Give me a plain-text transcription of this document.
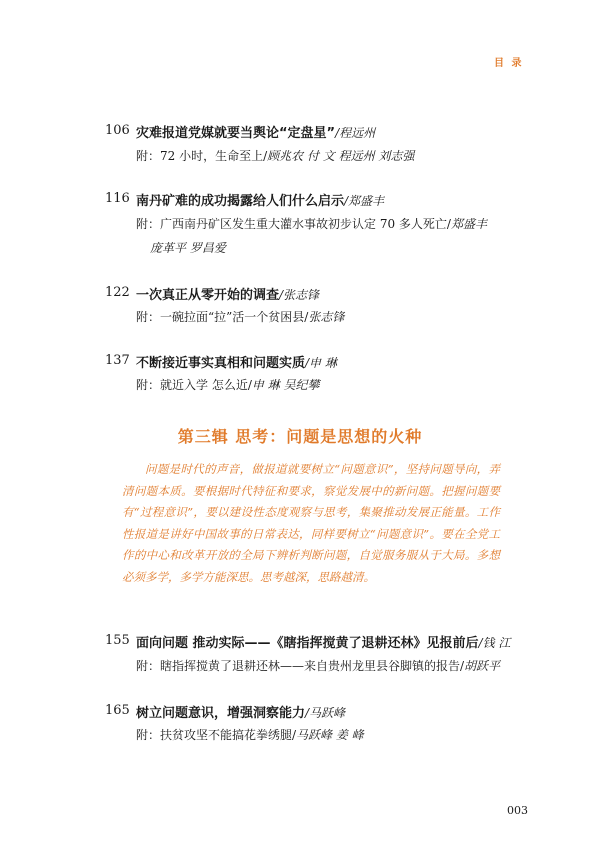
目 录
106 灾难报道党媒就要当舆论“定盘星”/程远州
附：72 小时，生命至上/顾兆农 付 文 程远州 刘志强
116 南丹矿难的成功揭露给人们什么启示/郑盛丰
附：广西南丹矿区发生重大灌水事故初步认定 70 多人死亡/郑盛丰
庞革平 罗昌爱
122 一次真正从零开始的调查/张志锋
附：一碗拉面“拉”活一个贫困县/张志锋
137 不断接近事实真相和问题实质/申 琳
附：就近入学 怎么近/申 琳 吴纪攀
第三辑 思考：问题是思想的火种
问题是时代的声音，做报道就要树立“问题意识”，坚持问题导向，弄清问题本质。要根据时代特征和要求，察觉发展中的新问题。把握问题要有“过程意识”，要以建设性态度观察与思考，集聚推动发展正能量。工作性报道是讲好中国故事的日常表达，同样要树立“问题意识”。要在全党工作的中心和改革开放的全局下辨析判断问题，自觉服务服从于大局。多想必须多学，多学方能深思。思考越深，思路越清。
155 面向问题 推动实际——《瞎指挥搅黄了退耕还林》见报前后/钱 江
附：瞎指挥搅黄了退耕还林——来自贵州龙里县谷脚镇的报告/胡跃平
165 树立问题意识，增强洞察能力/马跃峰
附：扶贫攻坚不能搞花拳绣腿/马跃峰 姜 峰
003
